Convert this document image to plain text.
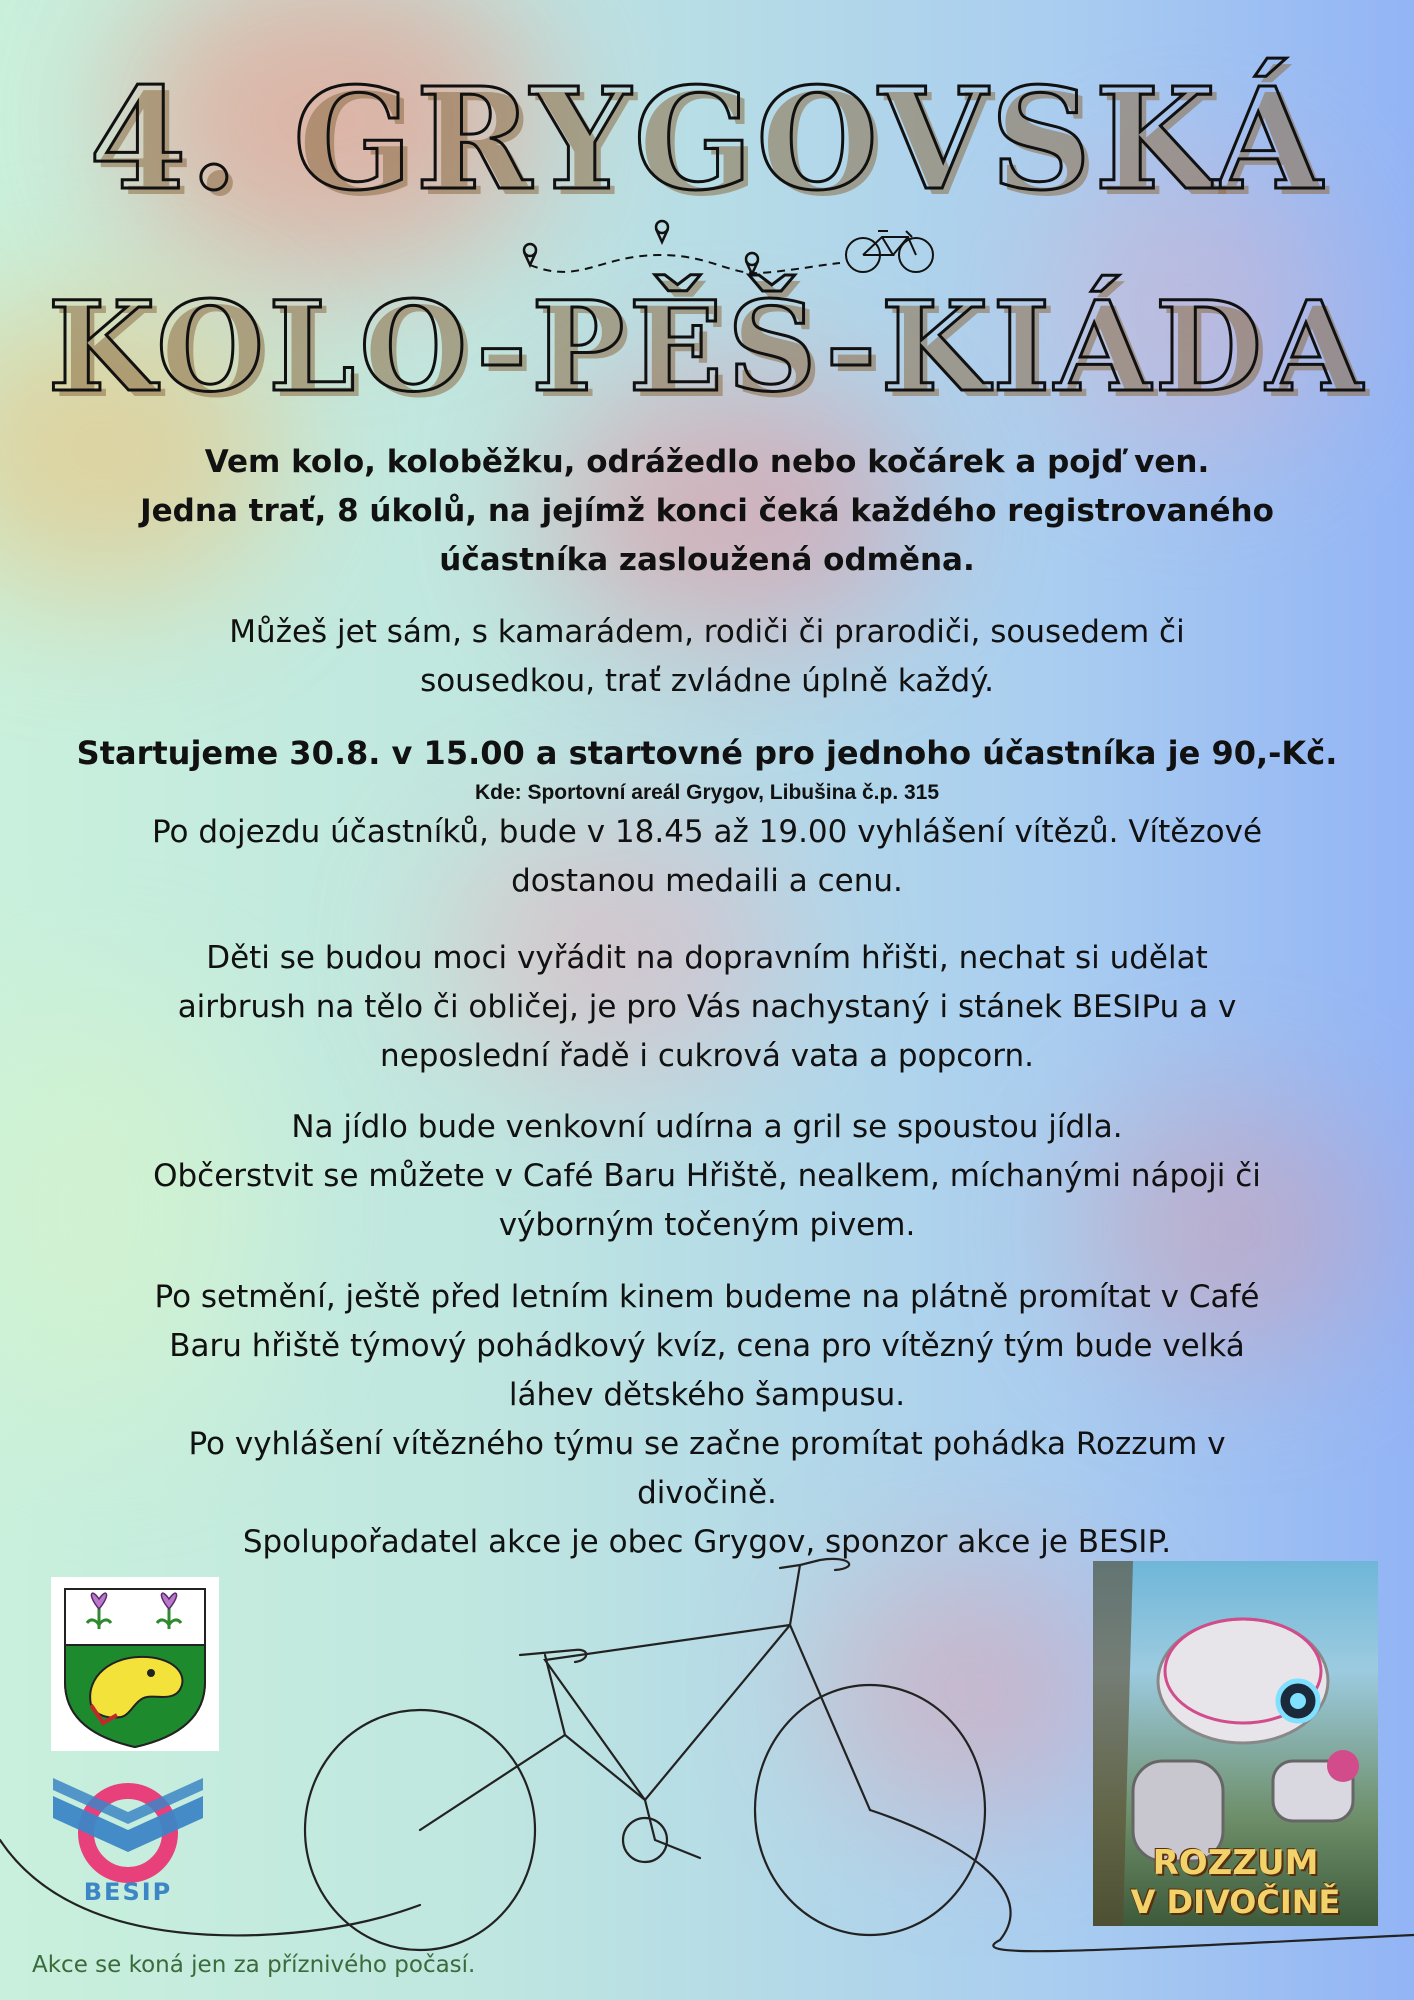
4. GRYGOVSKÁ
KOLO-PĚŠ-KIÁDA
Vem kolo, koloběžku, odrážedlo nebo kočárek a pojď ven.
Jedna trať, 8 úkolů, na jejímž konci čeká každého registrovaného
účastníka zasloužená odměna.
Můžeš jet sám, s kamarádem, rodiči či prarodiči, sousedem či
sousedkou, trať zvládne úplně každý.

Startujeme 30.8. v 15.00 a startovné pro jednoho účastníka je 90,-Kč.

Kde: Sportovní areál Grygov, Libušina č.p. 315

Po dojezdu účastníků, bude v 18.45 až 19.00 vyhlášení vítězů. Vítězové
dostanou medaili a cenu.
Děti se budou moci vyřádit na dopravním hřišti, nechat si udělat
airbrush na tělo či obličej, je pro Vás nachystaný i stánek BESIPu a v
neposlední řadě i cukrová vata a popcorn.
Na jídlo bude venkovní udírna a gril se spoustou jídla.
Občerstvit se můžete v Café Baru Hřiště, nealkem, míchanými nápoji či
výborným točeným pivem.
Po setmění, ještě před letním kinem budeme na plátně promítat v Café
Baru hřiště týmový pohádkový kvíz, cena pro vítězný tým bude velká
láhev dětského šampusu.
Po vyhlášení vítězného týmu se začne promítat pohádka Rozzum v
divočině.
Spolupořadatel akce je obec Grygov, sponzor akce je BESIP.

BESIP

ROZZUM

V DIVOČINĚ

Akce se koná jen za příznivého počasí.
